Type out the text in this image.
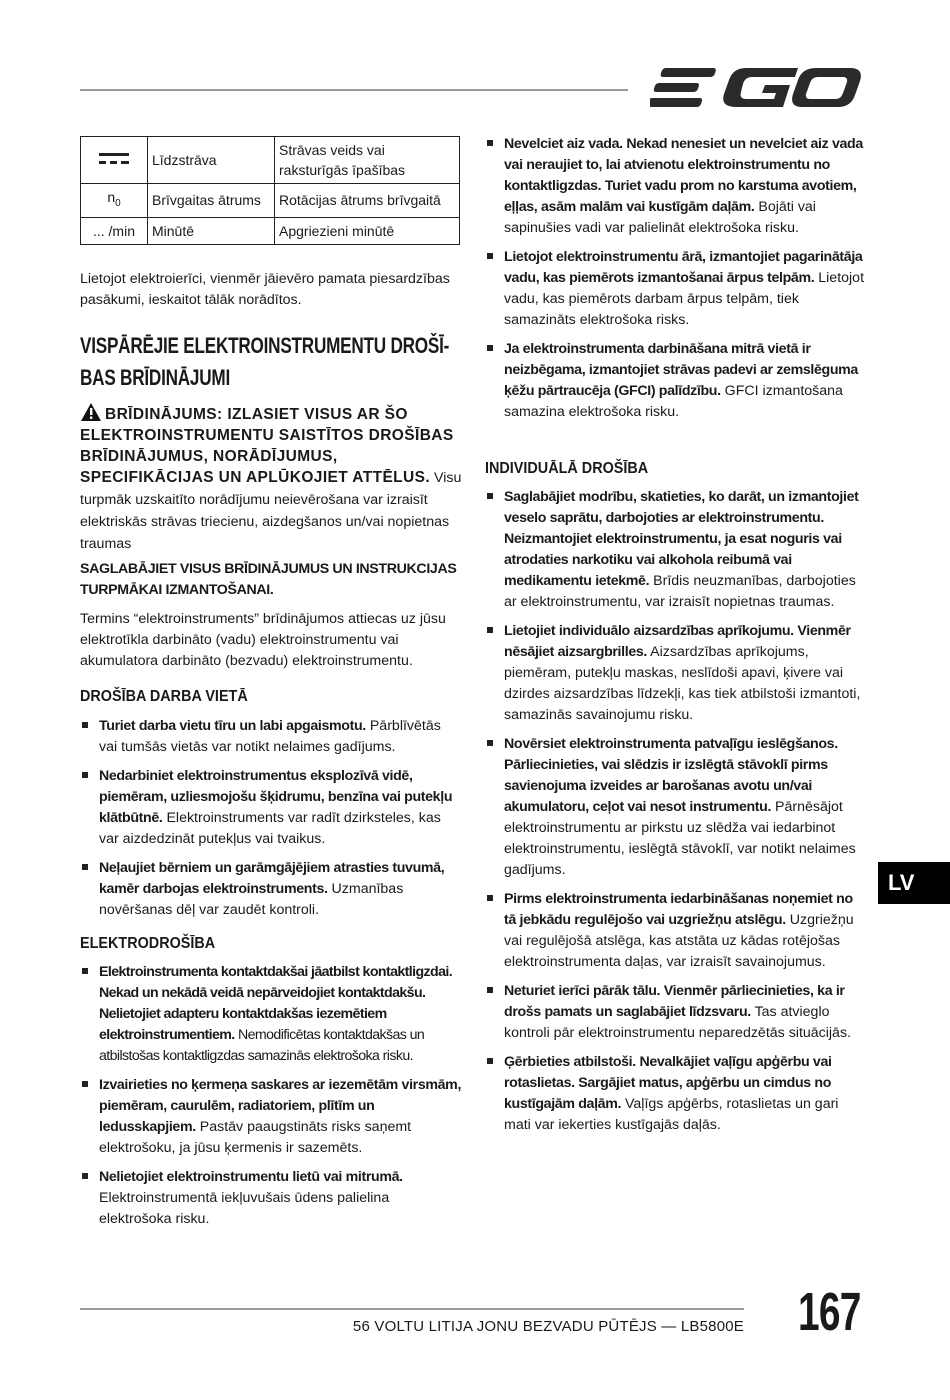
	Līdzstrāva	Strāvas veids vai raksturīgās īpašības
$n_0$	Brīvgaitas ātrums	Rotācijas ātrums brīvgaitā
... /min	Minūtē	Apgriezieni minūtē

Lietojot elektroierīci, vienmēr jāievēro pamata piesardzības pasākumi, ieskaitot tālāk norādītos.

VISPĀRĒJIE ELEKTROINSTRUMENTU DROŠĪ-
BAS BRĪDINĀJUMI
BRĪDINĀJUMS: IZLASIET VISUS AR ŠO ELEKTROINSTRUMENTU SAISTĪTOS DROŠĪBAS BRĪDINĀJUMUS, NORĀDĪJUMUS, SPECIFIKĀCIJAS UN APLŪKOJIET ATTĒLUS. Visu turpmāk uzskaitīto norādījumu neievērošana var izraisīt elektriskās strāvas triecienu, aizdegšanos un/vai nopietnas traumas
SAGLABĀJIET VISUS BRĪDINĀJUMUS UN INSTRUKCIJAS TURPMĀKAI IZMANTOŠANAI.

Termins “elektroinstruments” brīdinājumos attiecas uz jūsu elektrotīkla darbināto (vadu) elektroinstrumentu vai akumulatora darbināto (bezvadu) elektroinstrumentu.

DROŠĪBA DARBA VIETĀ
Turiet darba vietu tīru un labi apgaismotu. Pārblīvētās vai tumšās vietās var notikt nelaimes gadījums.
Nedarbiniet elektroinstrumentus eksplozīvā vidē, piemēram, uzliesmojošu šķidrumu, benzīna vai putekļu klātbūtnē. Elektroinstruments var radīt dzirksteles, kas var aizdedzināt putekļus vai tvaikus.
Neļaujiet bērniem un garāmgājējiem atrasties tuvumā, kamēr darbojas elektroinstruments. Uzmanības novēršanas dēļ var zaudēt kontroli.
ELEKTRODROŠĪBA
Elektroinstrumenta kontaktdakšai jāatbilst kontaktligzdai. Nekad un nekādā veidā nepārveidojiet kontaktdakšu. Nelietojiet adapteru kontaktdakšas iezemētiem elektroinstrumentiem. Nemodificētas kontaktdakšas un atbilstošas kontaktligzdas samazinās elektrošoka risku.
Izvairieties no ķermeņa saskares ar iezemētām virsmām, piemēram, caurulēm, radiatoriem, plītīm un ledusskapjiem. Pastāv paaugstināts risks saņemt elektrošoku, ja jūsu ķermenis ir sazemēts.
Nelietojiet elektroinstrumentu lietū vai mitrumā. Elektroinstrumentā iekļuvušais ūdens palielina elektrošoka risku.
Nevelciet aiz vada. Nekad nenesiet un nevelciet aiz vada vai neraujiet to, lai atvienotu elektroinstrumentu no kontaktligzdas. Turiet vadu prom no karstuma avotiem, eļļas, asām malām vai kustīgām daļām. Bojāti vai sapinušies vadi var palielināt elektrošoka risku.
Lietojot elektroinstrumentu ārā, izmantojiet pagarinātāja vadu, kas piemērots izmantošanai ārpus telpām. Lietojot vadu, kas piemērots darbam ārpus telpām, tiek samazināts elektrošoka risks.
Ja elektroinstrumenta darbināšana mitrā vietā ir neizbēgama, izmantojiet strāvas padevi ar zemslēguma ķēžu pārtraucēja (GFCI) palīdzību. GFCI izmantošana samazina elektrošoka risku.
INDIVIDUĀLĀ DROŠĪBA
Saglabājiet modrību, skatieties, ko darāt, un izmantojiet veselo saprātu, darbojoties ar elektroinstrumentu. Neizmantojiet elektroinstrumentu, ja esat noguris vai atrodaties narkotiku vai alkohola reibumā vai medikamentu ietekmē. Brīdis neuzmanības, darbojoties ar elektroinstrumentu, var izraisīt nopietnas traumas.
Lietojiet individuālo aizsardzības aprīkojumu. Vienmēr nēsājiet aizsargbrilles. Aizsardzības aprīkojums, piemēram, putekļu maskas, neslīdoši apavi, ķivere vai dzirdes aizsardzības līdzekļi, kas tiek atbilstoši izmantoti, samazinās savainojumu risku.
Novērsiet elektroinstrumenta patvaļīgu ieslēgšanos. Pārliecinieties, vai slēdzis ir izslēgtā stāvoklī pirms savienojuma izveides ar barošanas avotu un/vai akumulatoru, ceļot vai nesot instrumentu. Pārnēsājot elektroinstrumentu ar pirkstu uz slēdža vai iedarbinot elektroinstrumentu, ieslēgtā stāvoklī, var notikt nelaimes gadījums.
Pirms elektroinstrumenta iedarbināšanas noņemiet no tā jebkādu regulējošo vai uzgriežņu atslēgu. Uzgriežņu vai regulējošā atslēga, kas atstāta uz kādas rotējošas elektroinstrumenta daļas, var izraisīt savainojumus.
Neturiet ierīci pārāk tālu. Vienmēr pārliecinieties, ka ir drošs pamats un saglabājiet līdzsvaru. Tas atvieglo kontroli pār elektroinstrumentu neparedzētās situācijās.
Ģērbieties atbilstoši. Nevalkājiet vaļīgu apģērbu vai rotaslietas. Sargājiet matus, apģērbu un cimdus no kustīgajām daļām. Vaļīgs apģērbs, rotaslietas un gari mati var iekerties kustīgajās daļās.
LV
56 VOLTU LITIJA JONU BEZVADU PŪTĒJS — LB5800E 167
